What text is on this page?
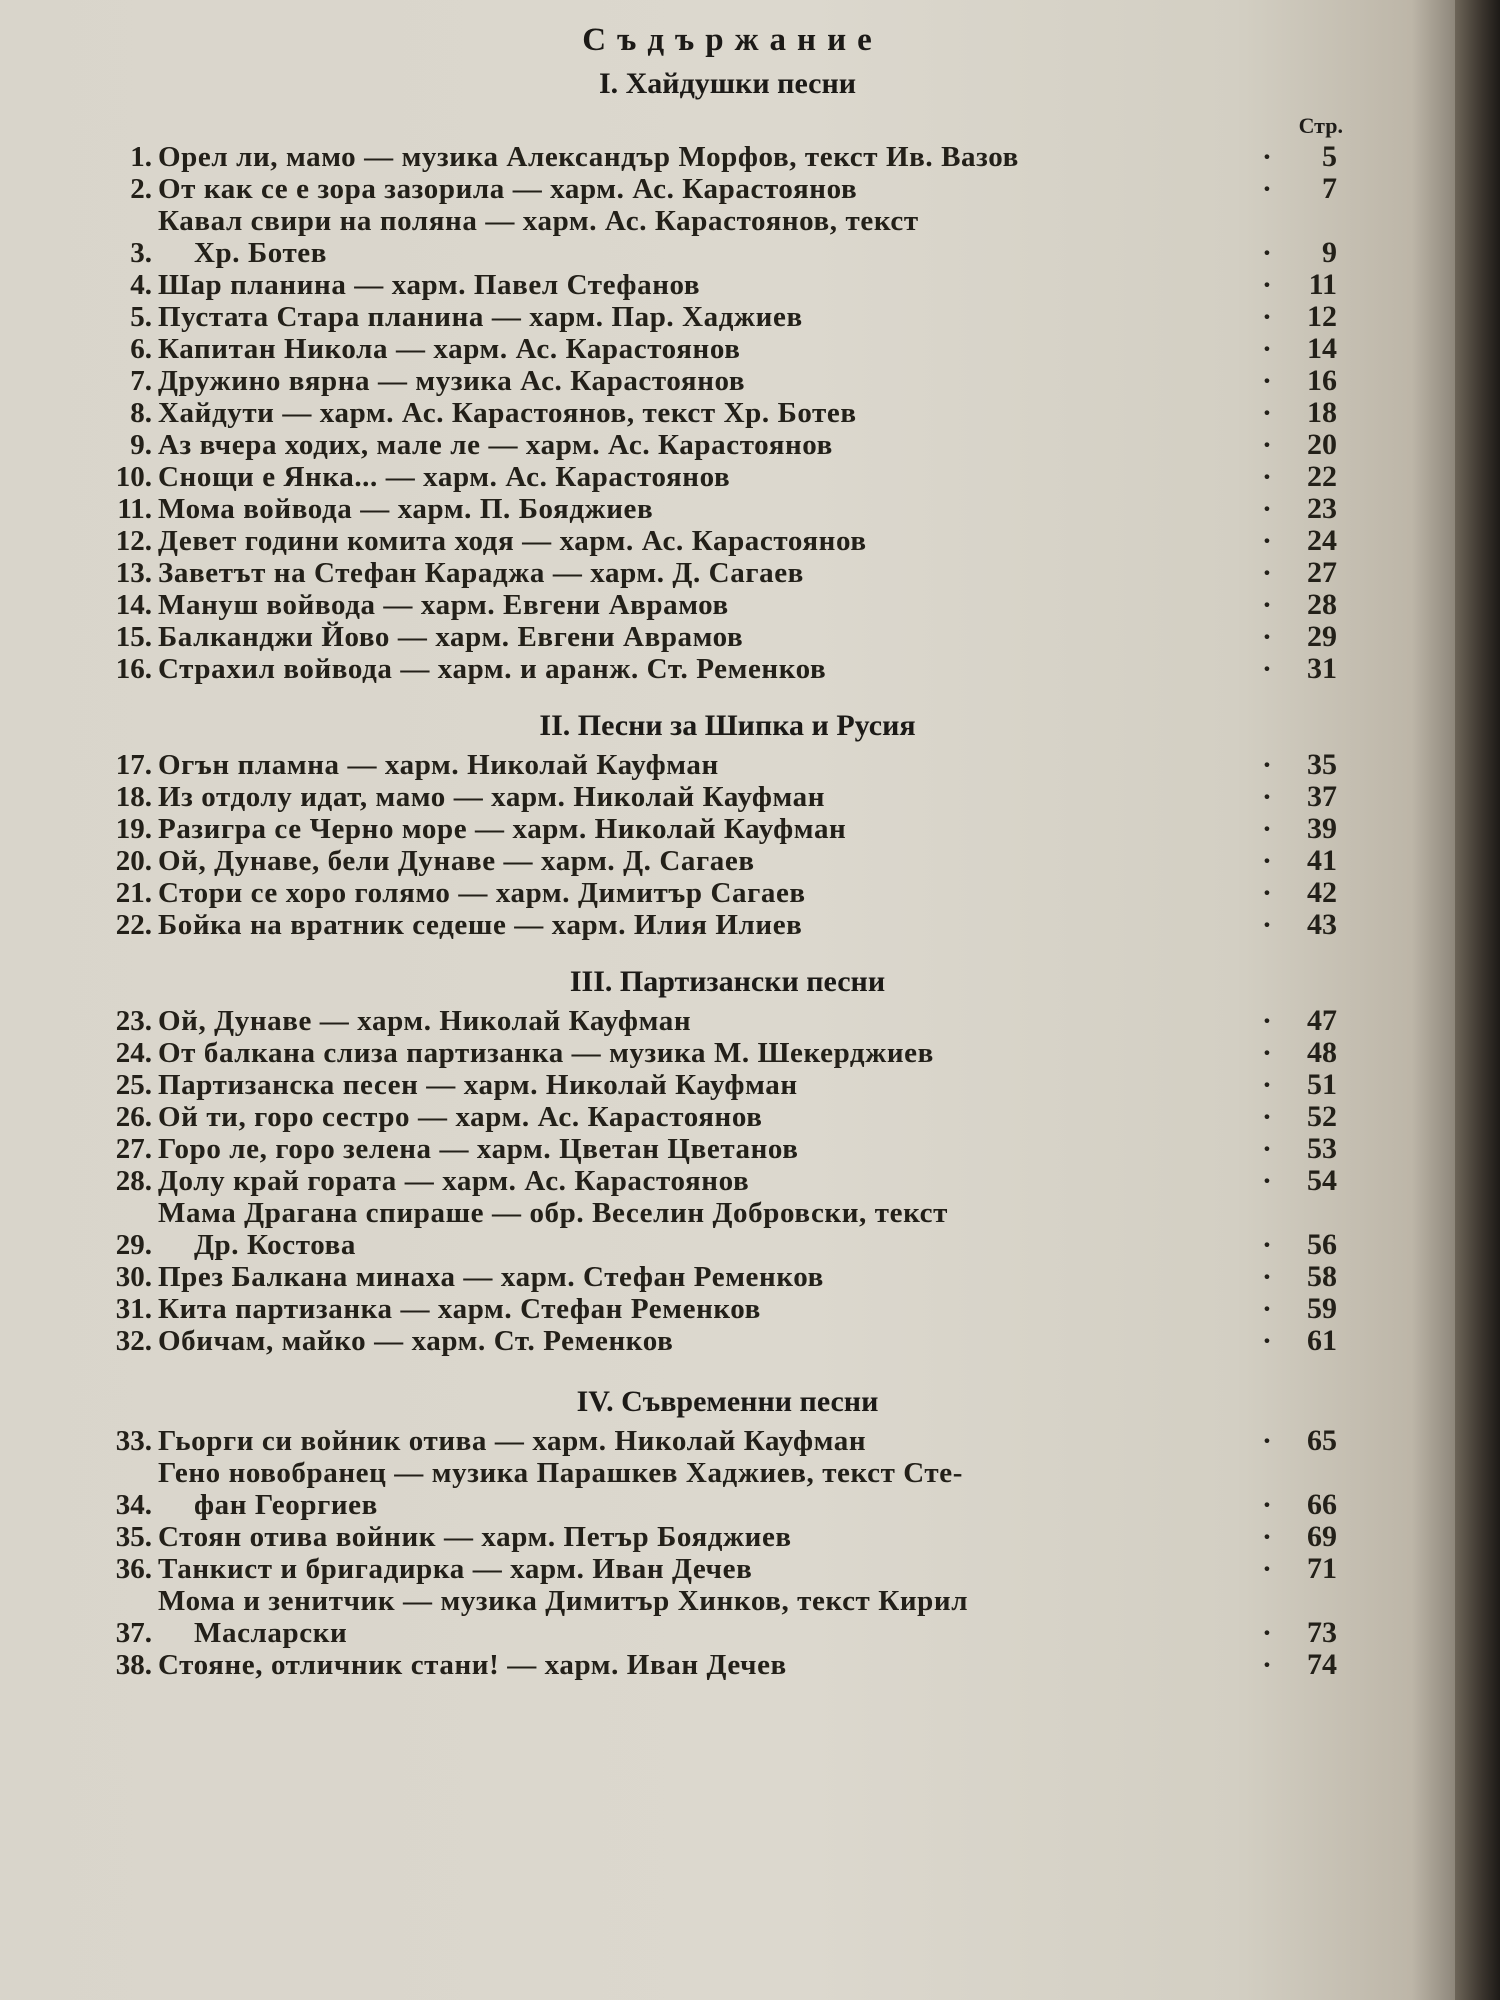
Съдържание
I. Хайдушки песни
Стр.
1. Орел ли, мамо — музика Александър Морфов, текст Ив. Вазов	·	5
2. От как се е зора зазорила — харм. Ас. Карастоянов	·	7
3.
Кавал свири на поляна — харм. Ас. Карастоянов, текст
Хр. Ботев	·	9
4. Шар планина — харм. Павел Стефанов	·	11
5. Пустата Стара планина — харм. Пар. Хаджиев	·	12
6. Капитан Никола — харм. Ас. Карастоянов	·	14
7. Дружино вярна — музика Ас. Карастоянов	·	16
8. Хайдути — харм. Ас. Карастоянов, текст Хр. Ботев	·	18
9. Аз вчера ходих, мале ле — харм. Ас. Карастоянов	·	20
10. Снощи е Янка... — харм. Ас. Карастоянов	·	22
11. Мома войвода — харм. П. Бояджиев	·	23
12. Девет години комита ходя — харм. Ас. Карастоянов	·	24
13. Заветът на Стефан Караджа — харм. Д. Сагаев	·	27
14. Мануш войвода — харм. Евгени Аврамов	·	28
15. Балканджи Йово — харм. Евгени Аврамов	·	29
16. Страхил войвода — харм. и аранж. Ст. Ременков	·	31
II. Песни за Шипка и Русия
17. Огън пламна — харм. Николай Кауфман	·	35
18. Из отдолу идат, мамо — харм. Николай Кауфман	·	37
19. Разигра се Черно море — харм. Николай Кауфман	·	39
20. Ой, Дунаве, бели Дунаве — харм. Д. Сагаев	·	41
21. Стори се хоро голямо — харм. Димитър Сагаев	·	42
22. Бойка на вратник седеше — харм. Илия Илиев	·	43
III. Партизански песни
23. Ой, Дунаве — харм. Николай Кауфман	·	47
24. От балкана слиза партизанка — музика М. Шекерджиев	·	48
25. Партизанска песен — харм. Николай Кауфман	·	51
26. Ой ти, горо сестро — харм. Ас. Карастоянов	·	52
27. Горо ле, горо зелена — харм. Цветан Цветанов	·	53
28. Долу край гората — харм. Ас. Карастоянов	·	54
29.
Мама Драгана спираше — обр. Веселин Добровски, текст
Др. Костова	·	56
30. През Балкана минаха — харм. Стефан Ременков	·	58
31. Кита партизанка — харм. Стефан Ременков	·	59
32. Обичам, майко — харм. Ст. Ременков	·	61
IV. Съвременни песни
33. Гьорги си войник отива — харм. Николай Кауфман	·	65
34.
Гено новобранец — музика Парашкев Хаджиев, текст Сте-
фан Георгиев	·	66
35. Стоян отива войник — харм. Петър Бояджиев	·	69
36. Танкист и бригадирка — харм. Иван Дечев	·	71
37.
Мома и зенитчик — музика Димитър Хинков, текст Кирил
Масларски	·	73
38. Стояне, отличник стани! — харм. Иван Дечев	·	74
